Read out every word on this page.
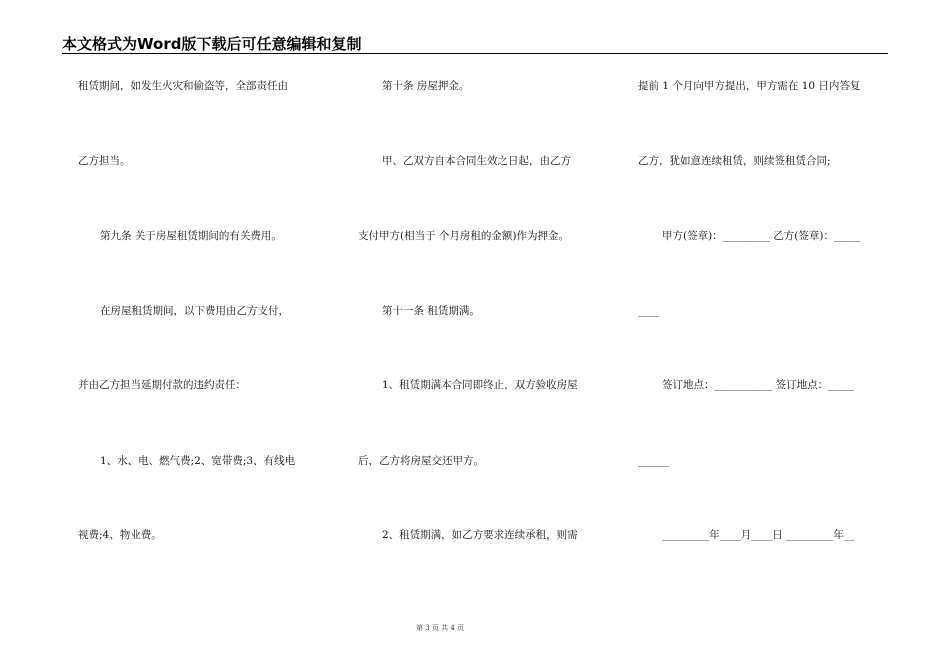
本文格式为Word版下载后可任意编辑和复制
租赁期间，如发生火灾和偷盗等，全部责任由
乙方担当。
第九条 关于房屋租赁期间的有关费用。
在房屋租赁期间，以下费用由乙方支付，
并由乙方担当延期付款的违约责任：
1、水、电、燃气费;2、宽带费;3、有线电
视费;4、物业费。
第十条 房屋押金。
甲、乙双方自本合同生效之日起，由乙方
支付甲方(相当于 个月房租的金额)作为押金。
第十一条 租赁期满。
1、租赁期满本合同即终止，双方验收房屋
后，乙方将房屋交还甲方。
2、租赁期满，如乙方要求连续承租，则需
提前 1 个月向甲方提出，甲方需在 10 日内答复
乙方，犹如意连续租赁，则续签租赁合同;
甲方(签章)：_________ 乙方(签章)：_____
____
签订地点：___________ 签订地点：_____
______
_________年____月____日 _________年__
第 3 页 共 4 页
